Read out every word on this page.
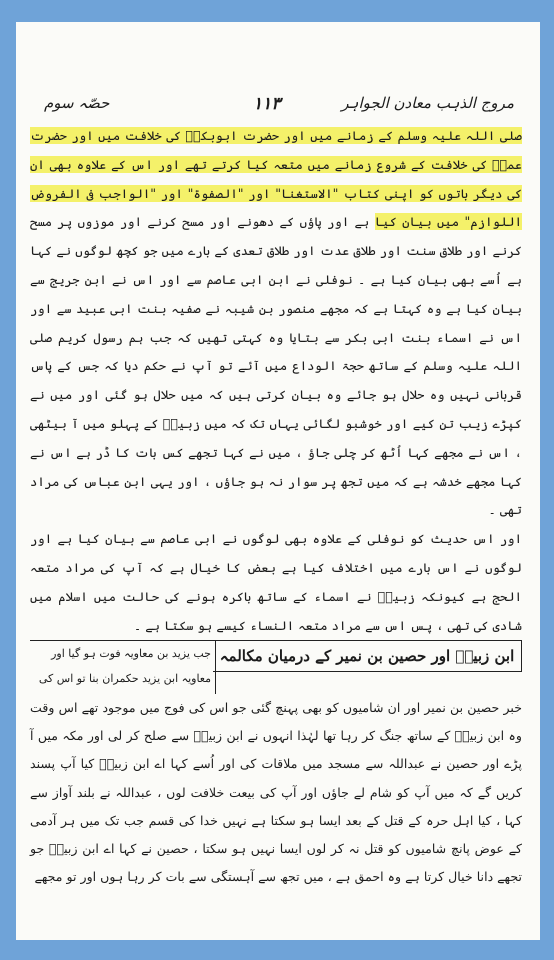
مروج الذہب معادن الجواہر
۱۱۳
حصّہ سوم

صلی اللہ علیہ وسلم کے زمانے میں اور حضرت ابوبکرؓ کی خلافت میں اور حضرت عمرؓ کی خلافت کے شروع زمانے میں متعہ کیا کرتے تھے اور اس کے علاوہ بھی ان کی دیگر باتوں کو اپنی کتاب "الاستغنا" اور "الصفوۃ" اور "الواجب فی الفروض اللوازم" میں بیان کیا ہے اور پاؤں کے دھونے اور مسح کرنے اور موزوں پر مسح کرنے اور طلاق سنت اور طلاق عدت اور طلاق تعدی کے بارے میں جو کچھ لوگوں نے کہا ہے اُسے بھی بیان کیا ہے ۔ نوفلی نے ابن ابی عاصم سے اور اس نے ابن جریج سے بیان کیا ہے وہ کہتا ہے کہ مجھے منصور بن شیبہ نے صفیہ بنت ابی عبید سے اور اس نے اسماء بنت ابی بکر سے بتایا وہ کہتی تھیں کہ جب ہم رسول کریم صلی اللہ علیہ وسلم کے ساتھ حجۃ الوداع میں آئے تو آپ نے حکم دیا کہ جس کے پاس قربانی نہیں وہ حلال ہو جائے وہ بیان کرتی ہیں کہ میں حلال ہو گئی اور میں نے کپڑے زیب تن کیے اور خوشبو لگائی یہاں تک کہ میں زبیرؓ کے پہلو میں آ بیٹھی ، اس نے مجھے کہا اُٹھ کر چلی جاؤ ، میں نے کہا تجھے کس بات کا ڈر ہے اس نے کہا مجھے خدشہ ہے کہ میں تجھ پر سوار نہ ہو جاؤں ، اور یہی ابن عباس کی مراد تھی ۔

اور اس حدیث کو نوفلی کے علاوہ بھی لوگوں نے ابی عاصم سے بیان کیا ہے اور لوگوں نے اس بارے میں اختلاف کیا ہے بعض کا خیال ہے کہ آپ کی مراد متعہ الحج ہے کیونکہ زبیرؓ نے اسماء کے ساتھ باکرہ ہونے کی حالت میں اسلام میں شادی کی تھی ، پس اس سے مراد متعہ النساء کیسے ہو سکتا ہے ۔

ابن زبیرؓ اور حصین بن نمیر کے درمیان مکالمہ
جب یزید بن معاویہ فوت ہو گیا اور معاویہ ابن یزید حکمران بنا تو اس کی

خبر حصین بن نمیر اور ان شامیوں کو بھی پہنچ گئی جو اس کی فوج میں موجود تھے اس وقت وہ ابن زبیرؓ کے ساتھ جنگ کر رہا تھا لہٰذا انہوں نے ابن زبیرؓ سے صلح کر لی اور مکہ میں آ پڑے اور حصین نے عبداللہ سے مسجد میں ملاقات کی اور اُسے کہا اے ابن زبیرؓ کیا آپ پسند کریں گے کہ میں آپ کو شام لے جاؤں اور آپ کی بیعت خلافت لوں ، عبداللہ نے بلند آواز سے کہا ، کیا اہل حرہ کے قتل کے بعد ایسا ہو سکتا ہے نہیں خدا کی قسم جب تک میں ہر آدمی کے عوض پانچ شامیوں کو قتل نہ کر لوں ایسا نہیں ہو سکتا ، حصین نے کہا اے ابن زبیرؓ جو تجھے دانا خیال کرتا ہے وہ احمق ہے ، میں تجھ سے آہستگی سے بات کر رہا ہوں اور تو مجھے
